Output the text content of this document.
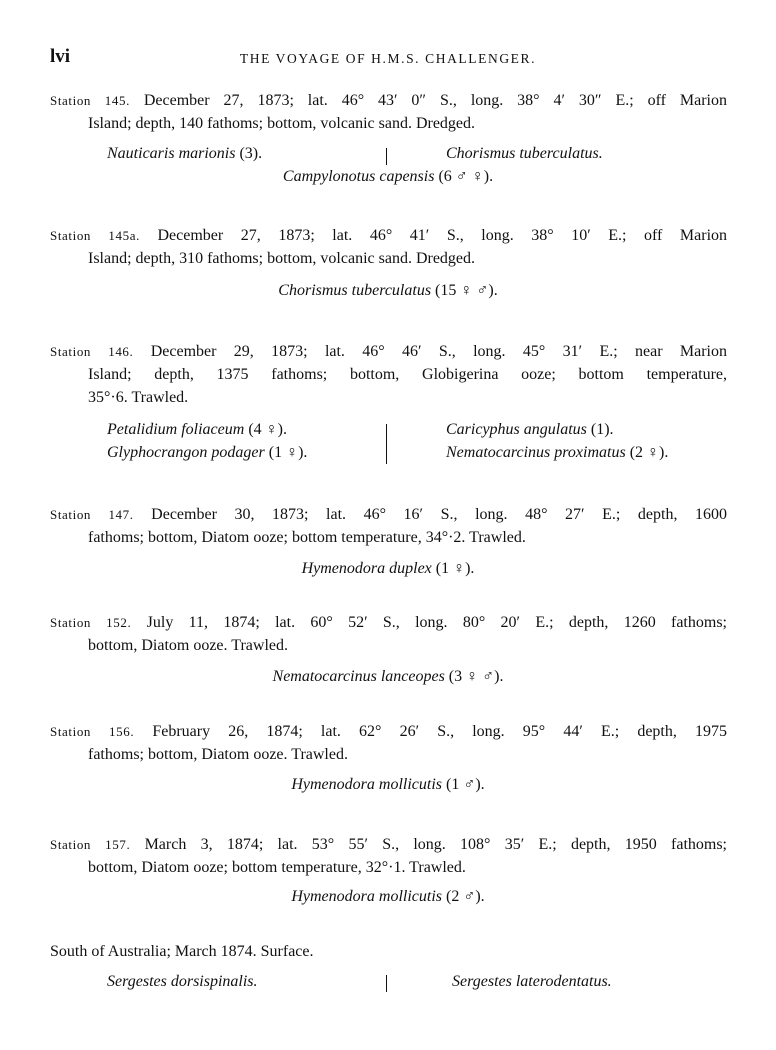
lvi	THE VOYAGE OF H.M.S. CHALLENGER.

Station 145. December 27, 1873; lat. 46° 43′ 0″ S., long. 38° 4′ 30″ E.; off Marion
Island; depth, 140 fathoms; bottom, volcanic sand. Dredged.

Nauticaris marionis (3).	Chorismus tuberculatus.
Campylonotus capensis (6 ♂ ♀).

Station 145a. December 27, 1873; lat. 46° 41′ S., long. 38° 10′ E.; off Marion
Island; depth, 310 fathoms; bottom, volcanic sand. Dredged.

Chorismus tuberculatus (15 ♀ ♂).

Station 146. December 29, 1873; lat. 46° 46′ S., long. 45° 31′ E.; near Marion
Island; depth, 1375 fathoms; bottom, Globigerina ooze; bottom temperature,
35°·6. Trawled.

Petalidium foliaceum (4 ♀).	Caricyphus angulatus (1).
Glyphocrangon podager (1 ♀).	Nematocarcinus proximatus (2 ♀).

Station 147. December 30, 1873; lat. 46° 16′ S., long. 48° 27′ E.; depth, 1600
fathoms; bottom, Diatom ooze; bottom temperature, 34°·2. Trawled.

Hymenodora duplex (1 ♀).

Station 152. July 11, 1874; lat. 60° 52′ S., long. 80° 20′ E.; depth, 1260 fathoms;
bottom, Diatom ooze. Trawled.

Nematocarcinus lanceopes (3 ♀ ♂).

Station 156. February 26, 1874; lat. 62° 26′ S., long. 95° 44′ E.; depth, 1975
fathoms; bottom, Diatom ooze. Trawled.

Hymenodora mollicutis (1 ♂).

Station 157. March 3, 1874; lat. 53° 55′ S., long. 108° 35′ E.; depth, 1950 fathoms;
bottom, Diatom ooze; bottom temperature, 32°·1. Trawled.

Hymenodora mollicutis (2 ♂).

South of Australia; March 1874. Surface.

Sergestes dorsispinalis.	Sergestes laterodentatus.
